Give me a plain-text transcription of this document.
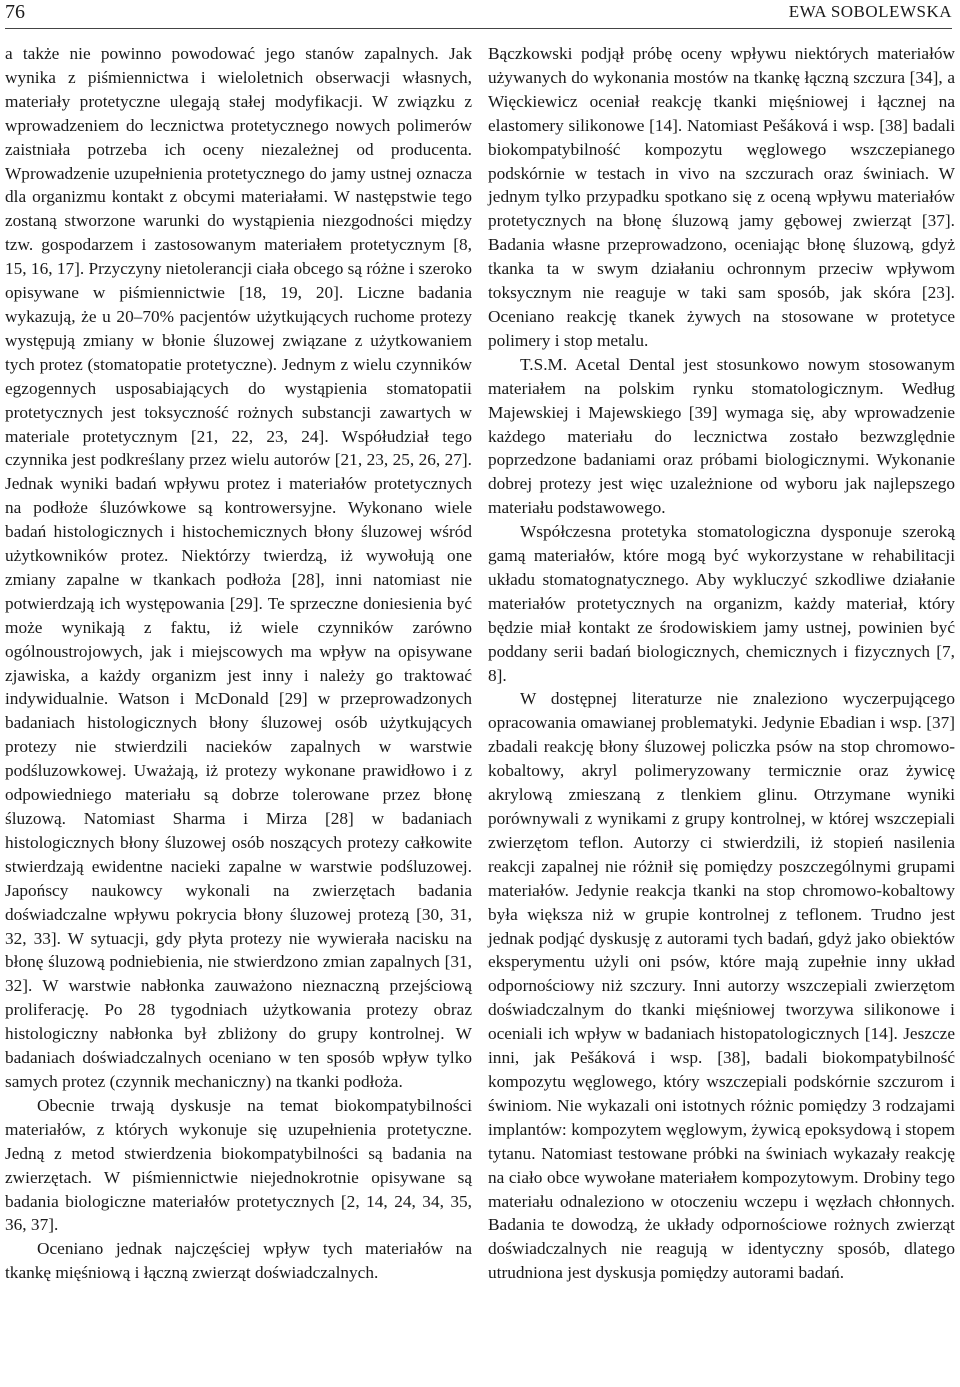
76	EWA SOBOLEWSKA

a także nie powinno powodować jego stanów zapalnych. Jak wynika z piśmiennictwa i wieloletnich obserwacji własnych, materiały protetyczne ulegają stałej modyfikacji. W związku z wprowadzeniem do lecznictwa protetycznego nowych polimerów zaistniała potrzeba ich oceny niezależnej od producenta. Wprowadzenie uzupełnienia protetycznego do jamy ustnej oznacza dla organizmu kontakt z obcymi materiałami. W następstwie tego zostaną stworzone warunki do wystąpienia niezgodności między tzw. gospodarzem i zastosowanym materiałem protetycznym [8, 15, 16, 17]. Przyczyny nietolerancji ciała obcego są różne i szeroko opisywane w piśmiennictwie [18, 19, 20]. Liczne badania wykazują, że u 20–70% pacjentów użytkujących ruchome protezy występują zmiany w błonie śluzowej związane z użytkowaniem tych protez (stomatopatie protetyczne). Jednym z wielu czynników egzogennych usposabiających do wystąpienia stomatopatii protetycznych jest toksyczność rożnych substancji zawartych w materiale protetycznym [21, 22, 23, 24]. Współudział tego czynnika jest podkreślany przez wielu autorów [21, 23, 25, 26, 27]. Jednak wyniki badań wpływu protez i materiałów protetycznych na podłoże śluzówkowe są kontrowersyjne. Wykonano wiele badań histologicznych i histochemicznych błony śluzowej wśród użytkowników protez. Niektórzy twierdzą, iż wywołują one zmiany zapalne w tkankach podłoża [28], inni natomiast nie potwierdzają ich występowania [29]. Te sprzeczne doniesienia być może wynikają z faktu, iż wiele czynników zarówno ogólnoustrojowych, jak i miejscowych ma wpływ na opisywane zjawiska, a każdy organizm jest inny i należy go traktować indywidualnie. Watson i McDonald [29] w przeprowadzonych badaniach histologicznych błony śluzowej osób użytkujących protezy nie stwierdzili nacieków zapalnych w warstwie podśluzowkowej. Uważają, iż protezy wykonane prawidłowo i z odpowiedniego materiału są dobrze tolerowane przez błonę śluzową. Natomiast Sharma i Mirza [28] w badaniach histologicznych błony śluzowej osób noszących protezy całkowite stwierdzają ewidentne nacieki zapalne w warstwie podśluzowej. Japońscy naukowcy wykonali na zwierzętach badania doświadczalne wpływu pokrycia błony śluzowej protezą [30, 31, 32, 33]. W sytuacji, gdy płyta protezy nie wywierała nacisku na błonę śluzową podniebienia, nie stwierdzono zmian zapalnych [31, 32]. W warstwie nabłonka zauważono nieznaczną przejściową proliferację. Po 28 tygodniach użytkowania protezy obraz histologiczny nabłonka był zbliżony do grupy kontrolnej. W badaniach doświadczalnych oceniano w ten sposób wpływ tylko samych protez (czynnik mechaniczny) na tkanki podłoża.

Obecnie trwają dyskusje na temat biokompatybilności materiałów, z których wykonuje się uzupełnienia protetyczne. Jedną z metod stwierdzenia biokompatybilności są badania na zwierzętach. W piśmiennictwie niejednokrotnie opisywane są badania biologiczne materiałów protetycznych [2, 14, 24, 34, 35, 36, 37].

Oceniano jednak najczęściej wpływ tych materiałów na tkankę mięśniową i łączną zwierząt doświadczalnych.

Bączkowski podjął próbę oceny wpływu niektórych materiałów używanych do wykonania mostów na tkankę łączną szczura [34], a Więckiewicz oceniał reakcję tkanki mięśniowej i łącznej na elastomery silikonowe [14]. Natomiast Pešáková i wsp. [38] badali biokompatybilność kompozytu węglowego wszczepianego podskórnie w testach in vivo na szczurach oraz świniach. W jednym tylko przypadku spotkano się z oceną wpływu materiałów protetycznych na błonę śluzową jamy gębowej zwierząt [37]. Badania własne przeprowadzono, oceniając błonę śluzową, gdyż tkanka ta w swym działaniu ochronnym przeciw wpływom toksycznym nie reaguje w taki sam sposób, jak skóra [23]. Oceniano reakcję tkanek żywych na stosowane w protetyce polimery i stop metalu.

T.S.M. Acetal Dental jest stosunkowo nowym stosowanym materiałem na polskim rynku stomatologicznym. Według Majewskiej i Majewskiego [39] wymaga się, aby wprowadzenie każdego materiału do lecznictwa zostało bezwzględnie poprzedzone badaniami oraz próbami biologicznymi. Wykonanie dobrej protezy jest więc uzależnione od wyboru jak najlepszego materiału podstawowego.

Współczesna protetyka stomatologiczna dysponuje szeroką gamą materiałów, które mogą być wykorzystane w rehabilitacji układu stomatognatycznego. Aby wykluczyć szkodliwe działanie materiałów protetycznych na organizm, każdy materiał, który będzie miał kontakt ze środowiskiem jamy ustnej, powinien być poddany serii badań biologicznych, chemicznych i fizycznych [7, 8].

W dostępnej literaturze nie znaleziono wyczerpującego opracowania omawianej problematyki. Jedynie Ebadian i wsp. [37] zbadali reakcję błony śluzowej policzka psów na stop chromowo-kobaltowy, akryl polimeryzowany termicznie oraz żywicę akrylową zmieszaną z tlenkiem glinu. Otrzymane wyniki porównywali z wynikami z grupy kontrolnej, w której wszczepiali zwierzętom teflon. Autorzy ci stwierdzili, iż stopień nasilenia reakcji zapalnej nie różnił się pomiędzy poszczególnymi grupami materiałów. Jedynie reakcja tkanki na stop chromowo-kobaltowy była większa niż w grupie kontrolnej z teflonem. Trudno jest jednak podjąć dyskusję z autorami tych badań, gdyż jako obiektów eksperymentu użyli oni psów, które mają zupełnie inny układ odpornościowy niż szczury. Inni autorzy wszczepiali zwierzętom doświadczalnym do tkanki mięśniowej tworzywa silikonowe i oceniali ich wpływ w badaniach histopatologicznych [14]. Jeszcze inni, jak Pešáková i wsp. [38], badali biokompatybilność kompozytu węglowego, który wszczepiali podskórnie szczurom i świniom. Nie wykazali oni istotnych różnic pomiędzy 3 rodzajami implantów: kompozytem węglowym, żywicą epoksydową i stopem tytanu. Natomiast testowane próbki na świniach wykazały reakcję na ciało obce wywołane materiałem kompozytowym. Drobiny tego materiału odnaleziono w otoczeniu wczepu i węzłach chłonnych. Badania te dowodzą, że układy odpornościowe rożnych zwierząt doświadczalnych nie reagują w identyczny sposób, dlatego utrudniona jest dyskusja pomiędzy autorami badań.
